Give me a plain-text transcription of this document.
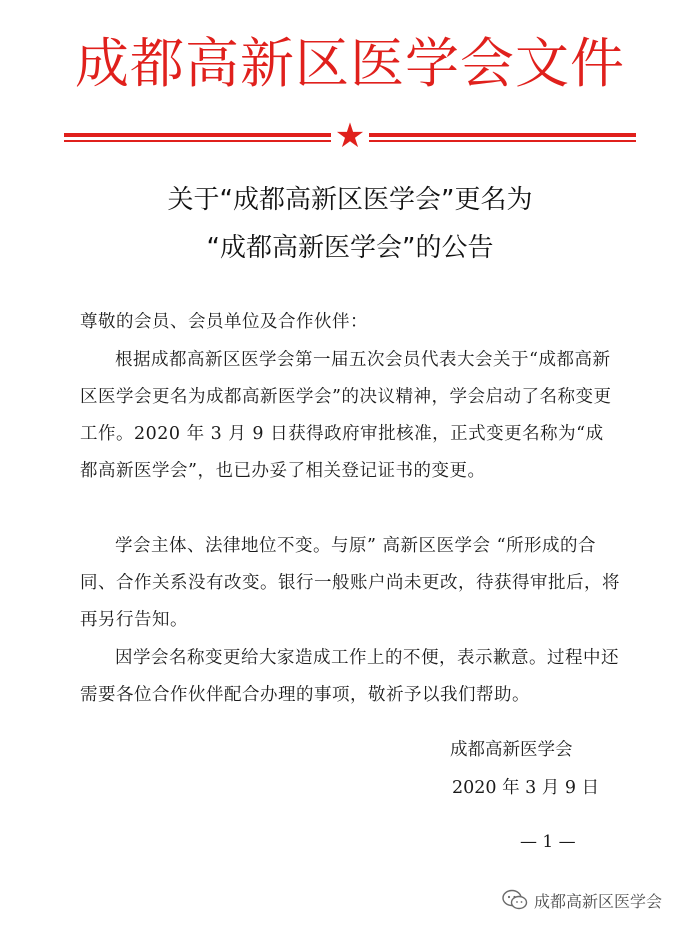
成都高新区医学会文件
★
关于“成都高新区医学会”更名为
“成都高新医学会”的公告
尊敬的会员、会员单位及合作伙伴：
根据成都高新区医学会第一届五次会员代表大会关于“成都高新区医学会更名为成都高新医学会”的决议精神，学会启动了名称变更工作。2020 年 3 月 9 日获得政府审批核准，正式变更名称为“成都高新医学会”，也已办妥了相关登记证书的变更。
学会主体、法律地位不变。与原” 高新区医学会 “所形成的合同、合作关系没有改变。银行一般账户尚未更改，待获得审批后，将再另行告知。
因学会名称变更给大家造成工作上的不便，表示歉意。过程中还需要各位合作伙伴配合办理的事项，敬祈予以我们帮助。
成都高新医学会
2020 年 3 月 9 日
— 1 —
成都高新区医学会
